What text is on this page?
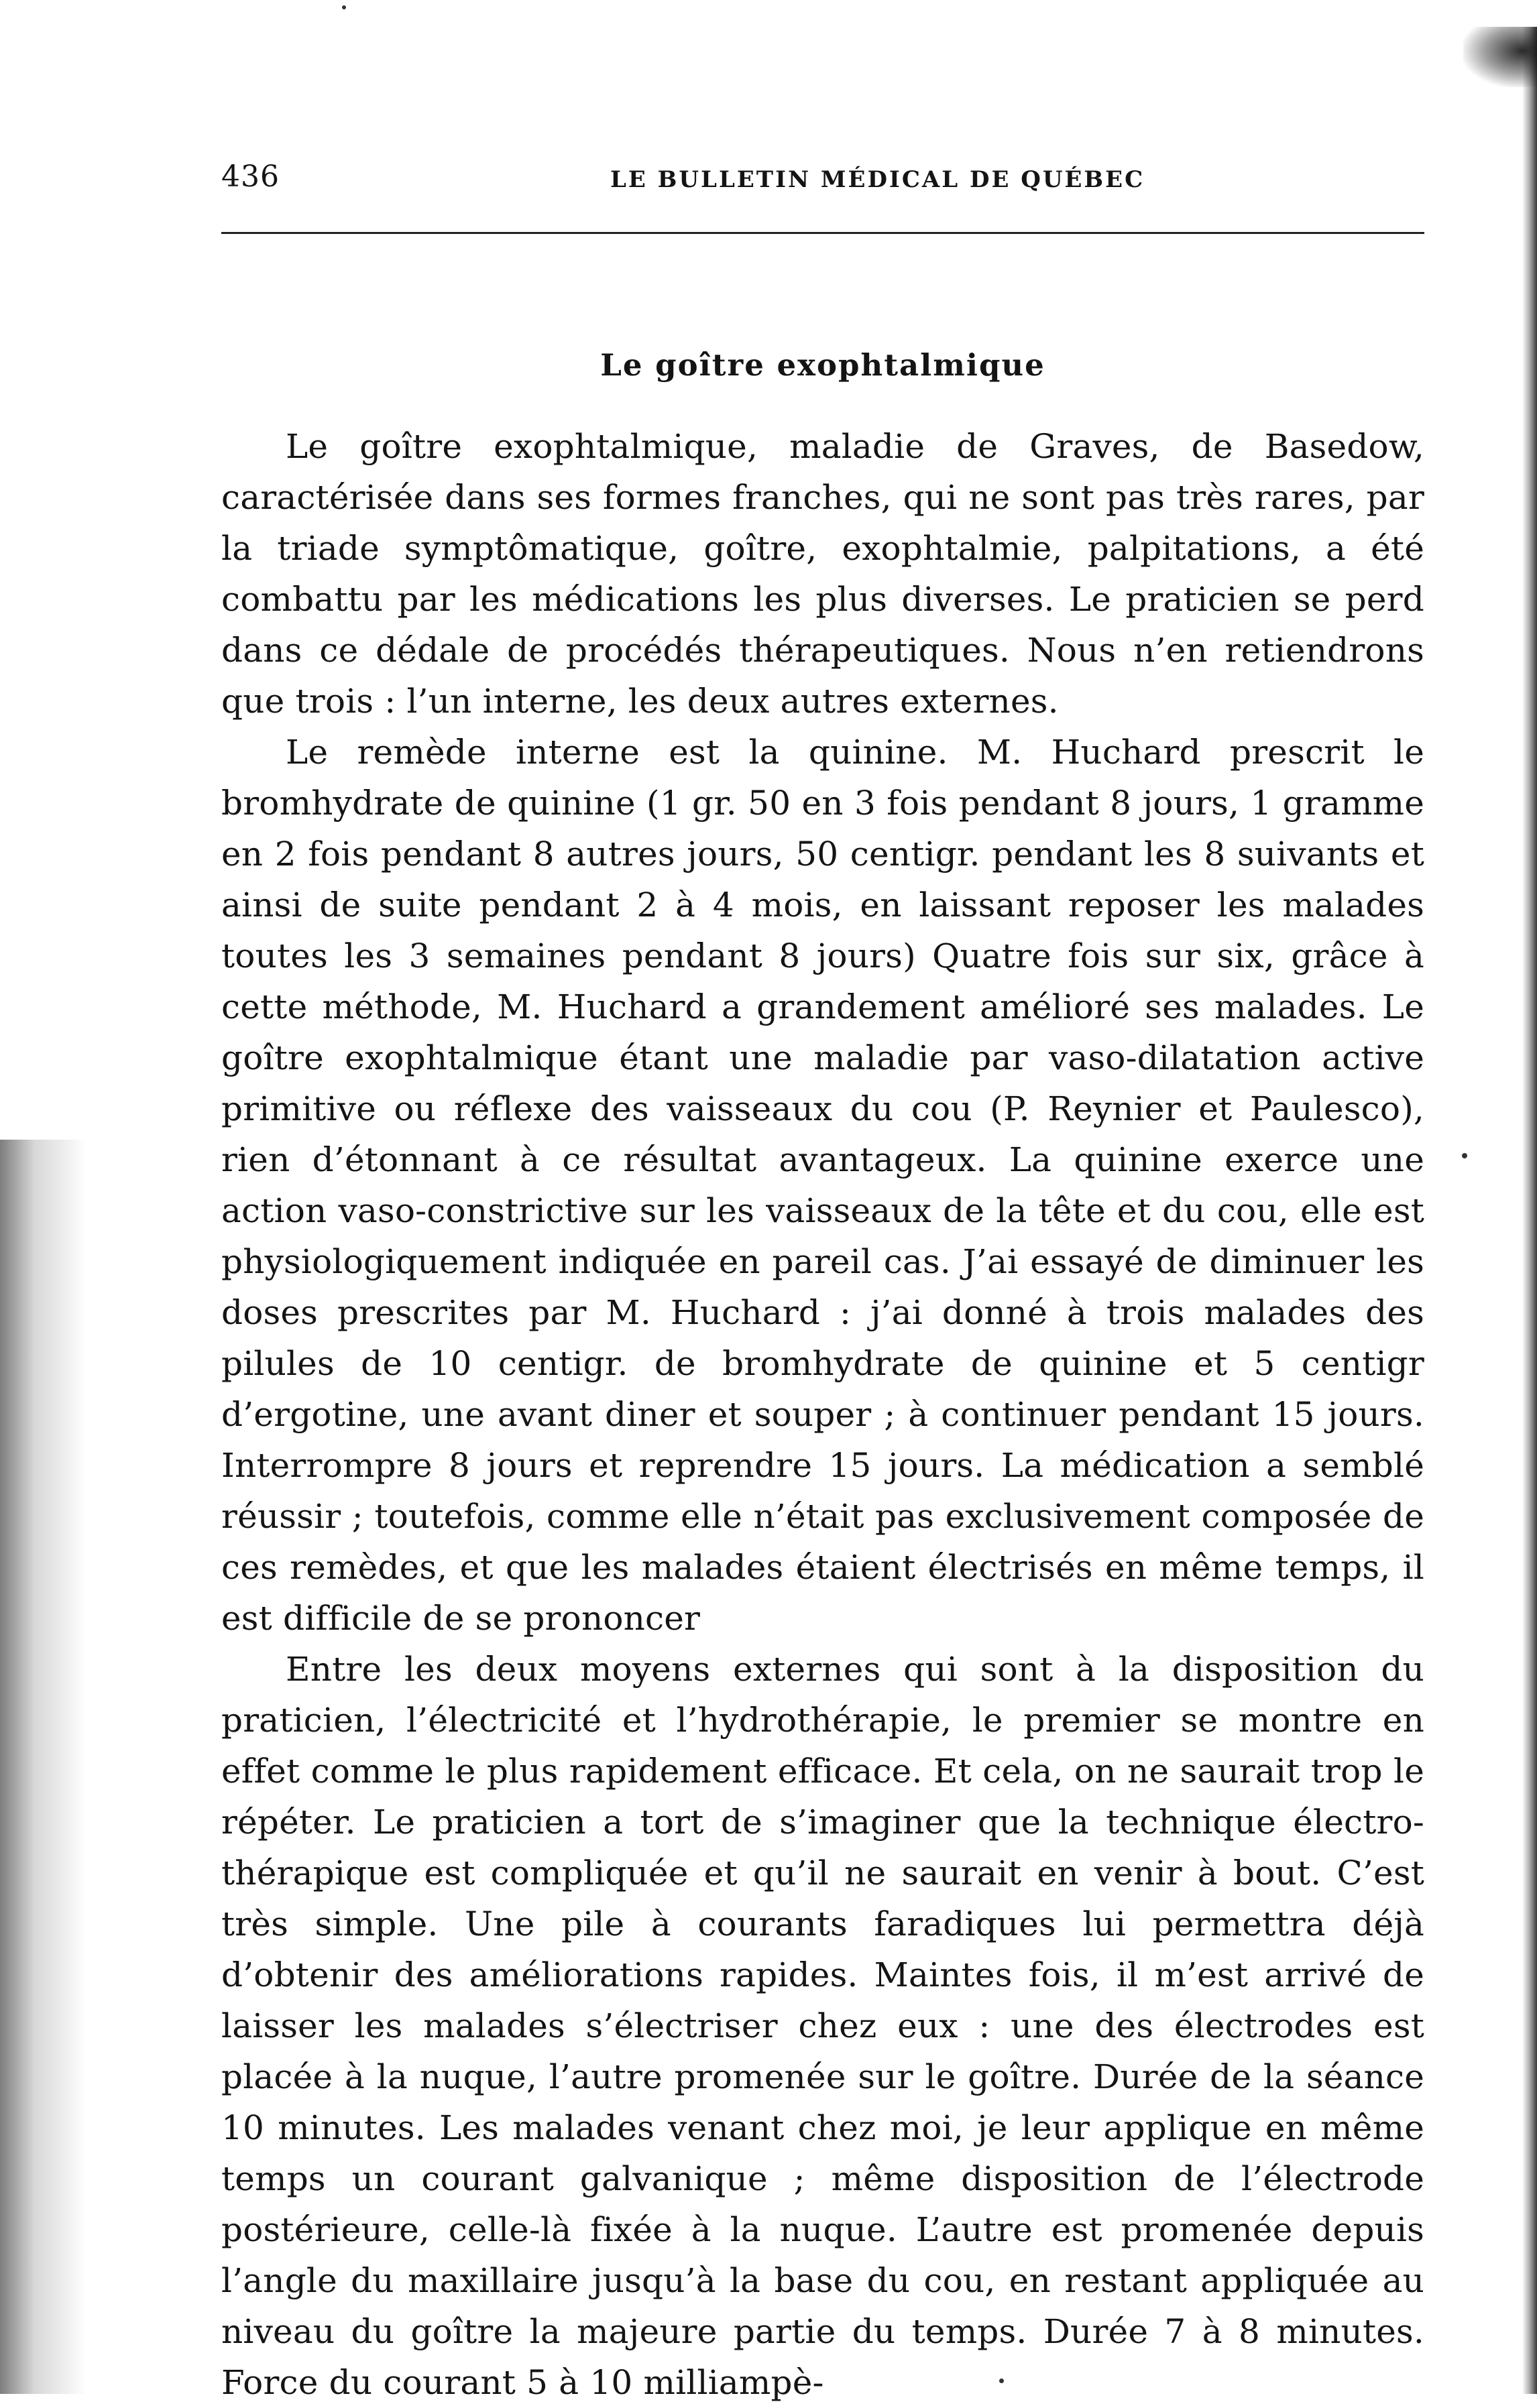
436	LE BULLETIN MÉDICAL DE QUÉBEC
Le goître exophtalmique

Le goître exophtalmique, maladie de Graves, de Basedow, caractérisée dans ses formes franches, qui ne sont pas très rares, par la triade symptômatique, goître, exophtalmie, palpitations, a été combattu par les médications les plus diverses. Le praticien se perd dans ce dédale de procédés thérapeutiques. Nous n’en retiendrons que trois : l’un interne, les deux autres externes.

Le remède interne est la quinine. M. Huchard prescrit le bromhydrate de quinine (1 gr. 50 en 3 fois pendant 8 jours, 1 gramme en 2 fois pendant 8 autres jours, 50 centigr. pendant les 8 suivants et ainsi de suite pendant 2 à 4 mois, en laissant reposer les malades toutes les 3 semaines pendant 8 jours) Quatre fois sur six, grâce à cette méthode, M. Huchard a grandement amélioré ses malades. Le goître exophtalmique étant une maladie par vaso-dilatation active primitive ou réflexe des vaisseaux du cou (P. Reynier et Paulesco), rien d’étonnant à ce résultat avantageux. La quinine exerce une action vaso-constrictive sur les vaisseaux de la tête et du cou, elle est physiologiquement indiquée en pareil cas. J’ai essayé de diminuer les doses prescrites par M. Huchard : j’ai donné à trois malades des pilules de 10 centigr. de bromhydrate de quinine et 5 centigr d’ergotine, une avant diner et souper ; à continuer pendant 15 jours. Interrompre 8 jours et reprendre 15 jours. La médication a semblé réussir ; toutefois, comme elle n’était pas exclusivement composée de ces remèdes, et que les malades étaient électrisés en même temps, il est difficile de se prononcer

Entre les deux moyens externes qui sont à la disposition du praticien, l’électricité et l’hydrothérapie, le premier se montre en effet comme le plus rapidement efficace. Et cela, on ne saurait trop le répéter. Le praticien a tort de s’imaginer que la technique électro-thérapique est compliquée et qu’il ne saurait en venir à bout. C’est très simple. Une pile à courants faradiques lui permettra déjà d’obtenir des améliorations rapides. Maintes fois, il m’est arrivé de laisser les malades s’électriser chez eux : une des électrodes est placée à la nuque, l’autre promenée sur le goître. Durée de la séance 10 minutes. Les malades venant chez moi, je leur applique en même temps un courant galvanique ; même disposition de l’électrode postérieure, celle-là fixée à la nuque. L’autre est promenée depuis l’angle du maxillaire jusqu’à la base du cou, en restant appliquée au niveau du goître la majeure partie du temps. Durée 7 à 8 minutes. Force du courant 5 à 10 milliampè-
